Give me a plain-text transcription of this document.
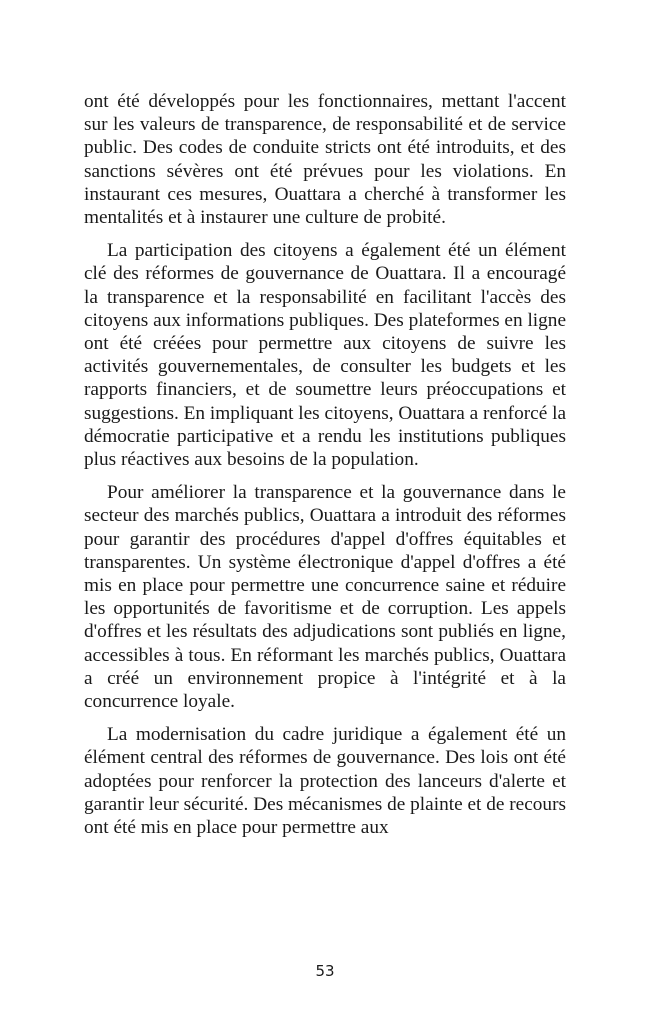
ont été développés pour les fonctionnaires, mettant l'accent sur les valeurs de transparence, de responsabilité et de service public. Des codes de conduite stricts ont été introduits, et des sanctions sévères ont été prévues pour les violations. En instaurant ces mesures, Ouattara a cherché à transformer les mentalités et à instaurer une culture de probité.

La participation des citoyens a également été un élément clé des réformes de gouvernance de Ouattara. Il a encouragé la transparence et la responsabilité en facilitant l'accès des citoyens aux informations publiques. Des plateformes en ligne ont été créées pour permettre aux citoyens de suivre les activités gouvernementales, de consulter les budgets et les rapports financiers, et de soumettre leurs préoccupations et suggestions. En impliquant les citoyens, Ouattara a renforcé la démocratie participative et a rendu les institutions publiques plus réactives aux besoins de la population.

Pour améliorer la transparence et la gouvernance dans le secteur des marchés publics, Ouattara a introduit des réformes pour garantir des procédures d'appel d'offres équitables et transparentes. Un système électronique d'appel d'offres a été mis en place pour permettre une concurrence saine et réduire les opportunités de favoritisme et de corruption. Les appels d'offres et les résultats des adjudications sont publiés en ligne, accessibles à tous. En réformant les marchés publics, Ouattara a créé un environnement propice à l'intégrité et à la concurrence loyale.

La modernisation du cadre juridique a également été un élément central des réformes de gouvernance. Des lois ont été adoptées pour renforcer la protection des lanceurs d'alerte et garantir leur sécurité. Des mécanismes de plainte et de recours ont été mis en place pour permettre aux

53
